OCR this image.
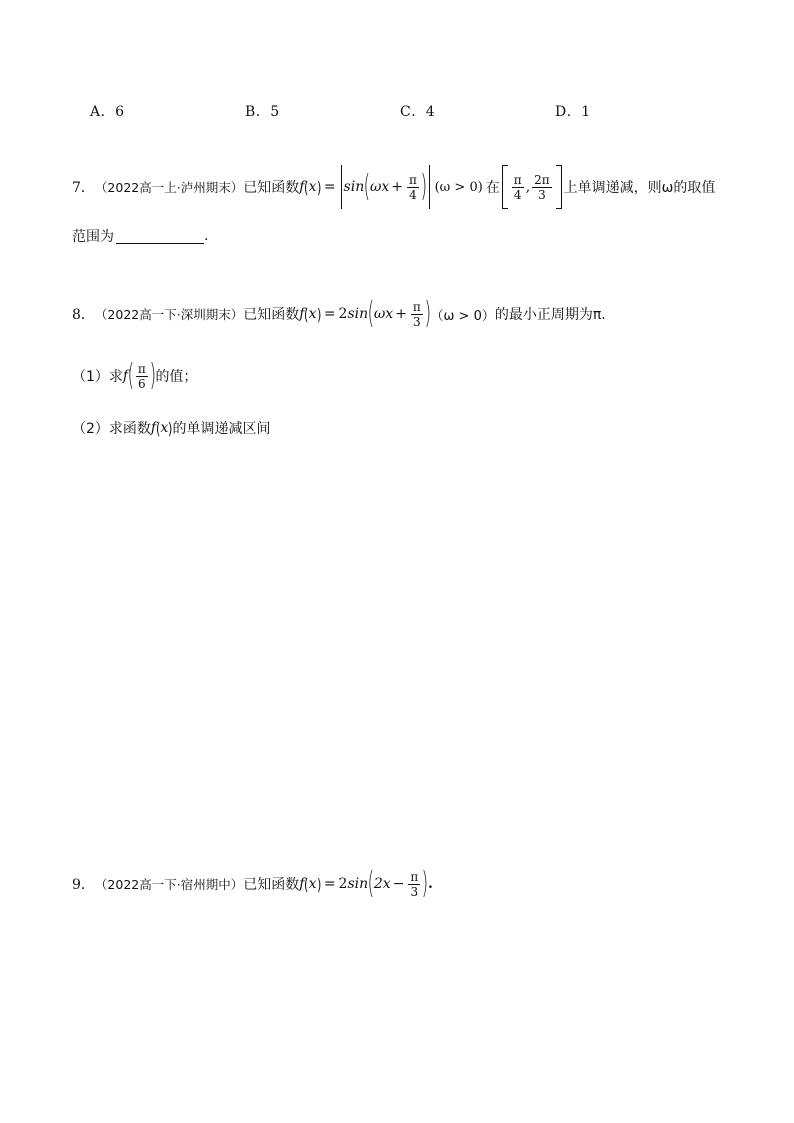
A．6	B．5	C．4	D．1
7． （2022高一上·泸州期末） 已知函数 f ( x ) = sin ( $\omega x + \frac{\pi}{4}$ ) (ω > 0) 在 $\frac{\pi}{4}$ , $\frac{2\pi}{3}$ 上单调递减，则ω的取值
范围为	.
8． （2022高一下·深圳期末） 已知函数 f ( x ) = 2 sin ( $\omega x + \frac{\pi}{3}$ ) （ω > 0） 的最小正周期为π.
（1）求 f ( $\frac{\pi}{6}$ ) 的值；
（2）求函数 f ( x ) 的单调递减区间
9． （2022高一下·宿州期中） 已知函数 f ( x ) = 2 sin ( $2x - \frac{\pi}{3}$ ) .
